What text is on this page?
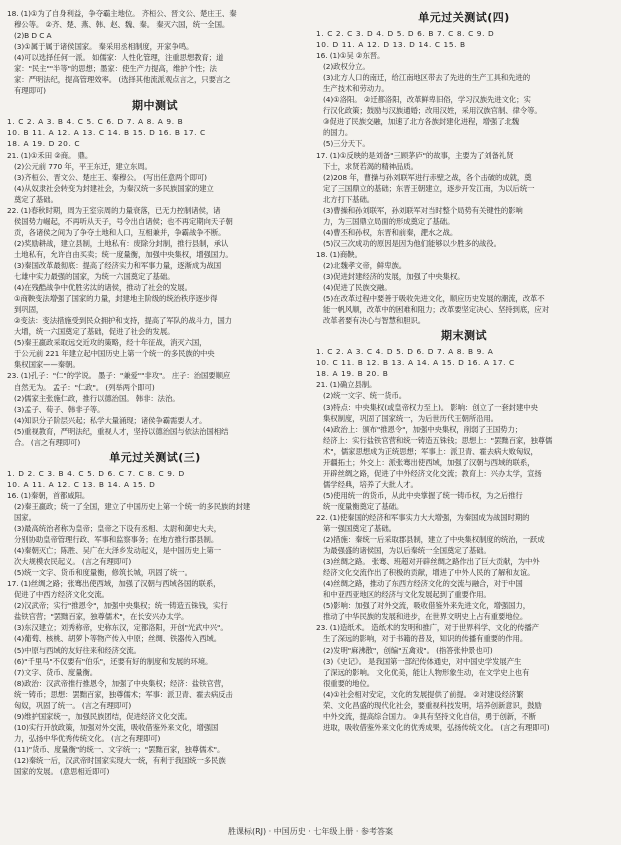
18. (1)①为了自身利益，争夺霸主地位。 齐桓公、晋文公、楚庄王、秦
穆公等。 ②齐、楚、燕、韩、赵、魏、秦。 秦灭六国，统一全国。
(2)B D C A
(3)①属于属于诸侯国家。 秦采用丞相制度，开家争鸣。
(4)可以选择任何一派。 如儒家：人性化管理，注重思想教育；道
家："民主""半等"的思想；墨家：使生产力提高，维护个性；法
家：严明法纪，提高管理效率。 (选择其他流派观点言之，只要言之
有理即可)
期中测试
1. C 2. A 3. B 4. C 5. C 6. D 7. A 8. A 9. B
10. B 11. A 12. A 13. C 14. B 15. D 16. B 17. C
18. A 19. D 20. C
21. (1)①禾田 ②商。 鼎。
(2)公元前 770 年，平王东迁，建立东周。
(3)齐桓公、晋文公、楚庄王、秦穆公。 (写出任意两个即可)
(4)从奴隶社会转变为封建社会，为秦汉统一多民族国家的建立
奠定了基础。
22. (1)春秋时期，周为王室宗周的力量衰落，已无力控制诸侯，诸
侯国势力崛起，不再听从天子，号令出自诸侯；也不再定期向天子朝
贡，各诸侯之间为了争夺土地和人口，互相兼并，争霸战争不断。
(2)奖励耕战，建立县制，土地私有：废除分封制，推行县制，承认
土地私有，允许自由买卖；统一度量衡，加强中央集权，增强国力。
(3)秦国改革最彻底：提高了经济实力和军事力量，逐渐成为战国
七雄中实力最强的国家，为统一六国奠定了基础。
(4)在残酷战争中优胜劣汰的诸侯，推动了社会的发展。
①商鞅变法增强了国家的力量，封建地主阶级的统治秩序逐步得
到巩固，
②变法：变法措施受到民众拥护和支持，提高了军队的战斗力，国力
大增，统一六国奠定了基础，促进了社会的发展。
(5)秦王嬴政采取远交近攻的策略，经十年征战，消灭六国，
于公元前 221 年建立起中国历史上第一个统一的多民族的中央
集权国家——秦朝。
23. (1)孔子："仁"的学说。 墨子："兼爱""非攻"。 庄子：治国要顺应
自然无为。 孟子："仁政"。 (列举两个即可)
(2)儒家主张施仁政，推行以德治国。 韩非：法治。
(3)孟子、荀子、韩非子等。
(4)知识分子阶层兴起；私学大量涌现；诸侯争霸需要人才。
(5)重视教育，严明法纪，重视人才，坚持以德治国与依法治国相结
合。 (言之有理即可)
单元过关测试(三)
1. D 2. C 3. B 4. C 5. D 6. C 7. C 8. C 9. D
10. A 11. A 12. C 13. B 14. A 15. D
16. (1)秦朝，首都咸阳。
(2)秦王嬴政；统一了全国，建立了中国历史上第一个统一的多民族的封建
国家。
(3)最高统治者称为皇帝；皇帝之下设有丞相、太尉和御史大夫，
分别协助皇帝管理行政、军事和监察事务；在地方推行郡县制。
(4)秦朝灭亡；陈胜、吴广在大泽乡发动起义，是中国历史上第一
次大规模农民起义。 (言之有理即可)
(5)统一文字、货币和度量衡，修筑长城，巩固了统一。
17. (1)丝绸之路；张骞出使西域，加强了汉朝与西域各国的联系，
促进了中西方经济文化交流。
(2)汉武帝；实行"推恩令"，加强中央集权；统一铸造五铢钱，实行
盐铁官营；"罢黜百家，独尊儒术"，在长安兴办太学。
(3)东汉建立；刘秀称帝，史称东汉，定都洛阳，开创"光武中兴"。
(4)葡萄、核桃、胡萝卜等物产传入中原；丝绸、铁器传入西域。
(5)中原与西域的友好往来和经济交流。
(6)"千里马"不仅要有"伯乐"，还要有好的制度和发展的环境。
(7)文字、货币、度量衡。
(8)政治：汉武帝推行推恩令，加强了中央集权；经济：盐铁官营，
统一铸币；思想：罢黜百家，独尊儒术；军事：派卫青、霍去病反击
匈奴，巩固了统一。 (言之有理即可)
(9)维护国家统一，加强民族团结，促进经济文化交流。
(10)实行开放政策，加强对外交流，吸收借鉴外来文化，增强国
力，弘扬中华优秀传统文化。 (言之有理即可)
(11)"货币、度量衡"的统一、文字统一；"罢黜百家，独尊儒术"。
(12)秦统一后，汉武帝时国家实现大一统，有利于我国统一多民族
国家的发展。 (意思相近即可)
单元过关测试(四)
1. C 2. C 3. D 4. D 5. D 6. B 7. C 8. C 9. D
10. D 11. A 12. D 13. D 14. C 15. B
16. (1)①吴 ②东晋。
(2)政权分立。
(3)北方人口的南迁，给江南地区带去了先进的生产工具和先进的
生产技术和劳动力。
(4)①洛阳。 ②迁都洛阳，改革鲜卑旧俗，学习汉族先进文化；实
行汉化政策；鼓励与汉族通婚；改用汉姓，采用汉族官制、律令等。
③促进了民族交融，加速了北方各族封建化进程，增强了北魏
的国力。
(5)三分天下。
17. (1)①反映的是刘备"三顾茅庐"的故事，主要为了刘备礼贤
下士，求贤若渴的精神品质。
(2)208 年，曹操与孙刘联军进行赤壁之战，各个击破的成就，奠
定了三国鼎立的基础；东晋王朝建立，逐步开发江南，为以后统一
北方打下基础。
(3)曹操和孙刘联军，孙刘联军对当时整个局势有关键性的影响
力，为三国鼎立局面的形成奠定了基础。
(4)曹丕和孙权，东晋和前秦，淝水之战。
(5)汉三次成功的原因是因为他们能够以少胜多的战役。
18. (1)商鞅。
(2)北魏孝文帝，鲜卑族。
(3)促进封建经济的发展，加强了中央集权。
(4)促进了民族交融。
(5)在改革过程中要善于吸收先进文化，顺应历史发展的潮流，改革不
能一帆风顺，改革中的困难和阻力；改革要坚定决心、坚持到底，应对
改革者要有决心与智慧和胆识。
期末测试
1. C 2. A 3. C 4. D 5. D 6. D 7. A 8. B 9. A
10. C 11. B 12. B 13. A 14. A 15. D 16. A 17. C
18. A 19. B 20. B
21. (1)确立县制。
(2)统一文字、统一货币。
(3)特点：中央集权(或皇帝权力至上)。 影响：创立了一套封建中央
集权制度，巩固了国家统一，为后世历代王朝所沿用。
(4)政治上：颁布"推恩令"，加强中央集权，削弱了王国势力；
经济上：实行盐铁官营和统一铸造五铢钱；思想上："罢黜百家，独尊儒
术"，儒家思想成为正统思想；军事上：派卫青、霍去病大败匈奴，
开疆拓土；外交上：派张骞出使西域，加强了汉朝与西域的联系，
开辟丝绸之路，促进了中外经济文化交流；教育上：兴办太学，宣扬
儒学经典，培养了大批人才。
(5)使用统一的货币，从此中央掌握了统一铸币权，为之后推行
统一度量衡奠定了基础。
22. (1)使秦国的经济和军事实力大大增强，为秦国成为战国时期的
第一强国奠定了基础。
(2)措施：秦统一后采取郡县制，建立了中央集权制度的统治，一跃成
为最强盛的诸侯国，为以后秦统一全国奠定了基础。
(3)丝绸之路。 张骞、班超对开辟丝绸之路作出了巨大贡献，为中外
经济文化交流作出了积极的贡献，增进了中外人民的了解和友谊。
(4)丝绸之路，推动了东西方经济文化的交流与融合，对于中国
和中亚西亚地区的经济与文化发展起到了重要作用。
(5)影响：加强了对外交流，吸收借鉴外来先进文化，增强国力，
推动了中华民族的发展和进步，在世界文明史上占有重要地位。
23. (1)造纸术。 造纸术的发明和推广，对于世界科学、文化的传播产
生了深远的影响，对于书籍的普及，知识的传播有重要的作用。
(2)发明"麻沸散"，创编"五禽戏"。 (指答张仲景也可)
(3)《史记》。 是我国第一部纪传体通史，对中国史学发展产生
了深远的影响。 文化优美，能让人物形象生动，在文学史上也有
很重要的地位。
(4)①社会相对安定，文化的发展提供了前提。 ②对建设经济繁
荣、文化昌盛的现代化社会，要重视科技发明，培养创新意识，鼓励
中外交流，提高综合国力。 ③具有坚持文化自信，勇于创新，不断
进取，吸收借鉴外来文化的优秀成果，弘扬传统文化。 (言之有理即可)
胜课标(RJ) · 中国历史 · 七年级上册 · 参考答案
